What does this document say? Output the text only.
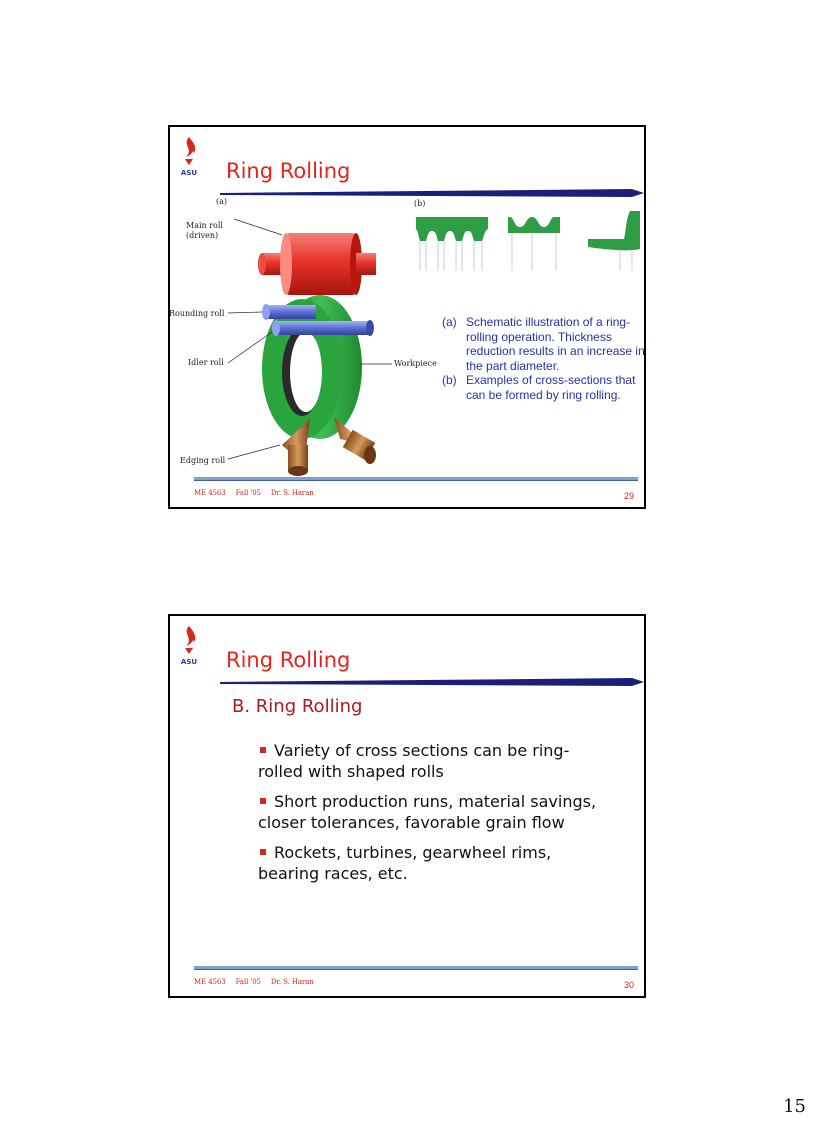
ASU Ring Rolling
(a)	(b)
Main roll
(driven)
Rounding roll
Idler roll
Edging roll
Workpiece
(a) Schematic illustration of a ring-rolling operation. Thickness reduction results in an increase in the part diameter.
(b) Examples of cross-sections that can be formed by ring rolling.
ME 4563 Fall '05 Dr. S. Haran	29
ASU Ring Rolling
B. Ring Rolling
Variety of cross sections can be ring-rolled with shaped rolls
Short production runs, material savings, closer tolerances, favorable grain flow
Rockets, turbines, gearwheel rims, bearing races, etc.
ME 4563 Fall '05 Dr. S. Haran	30

15
